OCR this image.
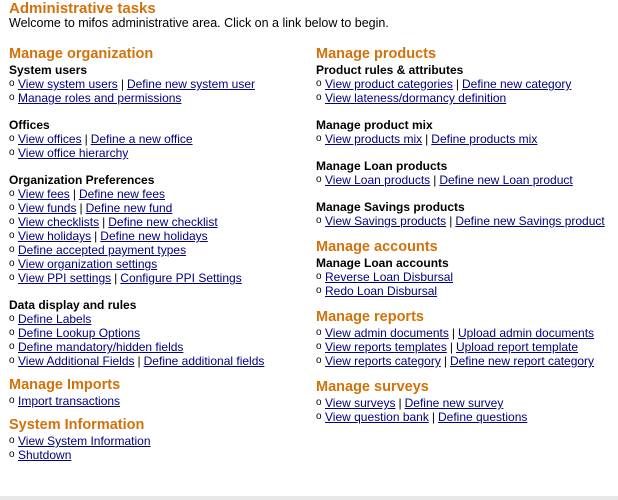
Administrative tasks
Welcome to mifos administrative area. Click on a link below to begin.
Manage organization
System users
o View system users | Define new system user
o Manage roles and permissions
Offices
o View offices | Define a new office
o View office hierarchy
Organization Preferences
o View fees | Define new fees
o View funds | Define new fund
o View checklists | Define new checklist
o View holidays | Define new holidays
o Define accepted payment types
o View organization settings
o View PPI settings | Configure PPI Settings
Data display and rules
o Define Labels
o Define Lookup Options
o Define mandatory/hidden fields
o View Additional Fields | Define additional fields
Manage Imports
o Import transactions
System Information
o View System Information
o Shutdown
Manage products
Product rules & attributes
o View product categories | Define new category
o View lateness/dormancy definition
Manage product mix
o View products mix | Define products mix
Manage Loan products
o View Loan products | Define new Loan product
Manage Savings products
o View Savings products | Define new Savings product
Manage accounts
Manage Loan accounts
o Reverse Loan Disbursal
o Redo Loan Disbursal
Manage reports
o View admin documents | Upload admin documents
o View reports templates | Upload report template
o View reports category | Define new report category
Manage surveys
o View surveys | Define new survey
o View question bank | Define questions
